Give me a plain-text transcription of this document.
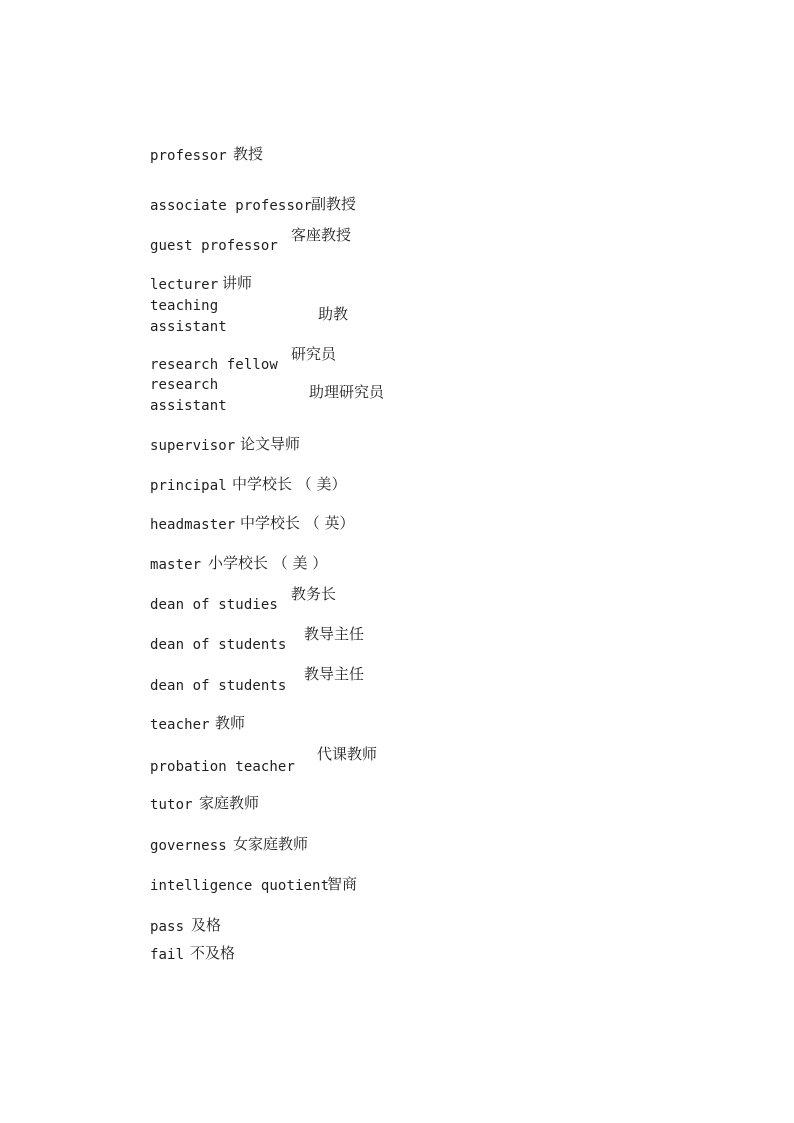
professor 教授
associate professor
副教授
guest professor
客座教授
lecturer 讲师
teaching
assistant
助教
research fellow
研究员
research
assistant
助理研究员
supervisor 论文导师
principal 中学校长 （ 美）
headmaster 中学校长 （ 英）
master 小学校长 （ 美 ）
dean of studies
教务长
dean of students
教导主任
dean of students
教导主任
teacher 教师
probation teacher
代课教师
tutor 家庭教师
governess 女家庭教师
intelligence quotient
智商
pass 及格
fail 不及格
